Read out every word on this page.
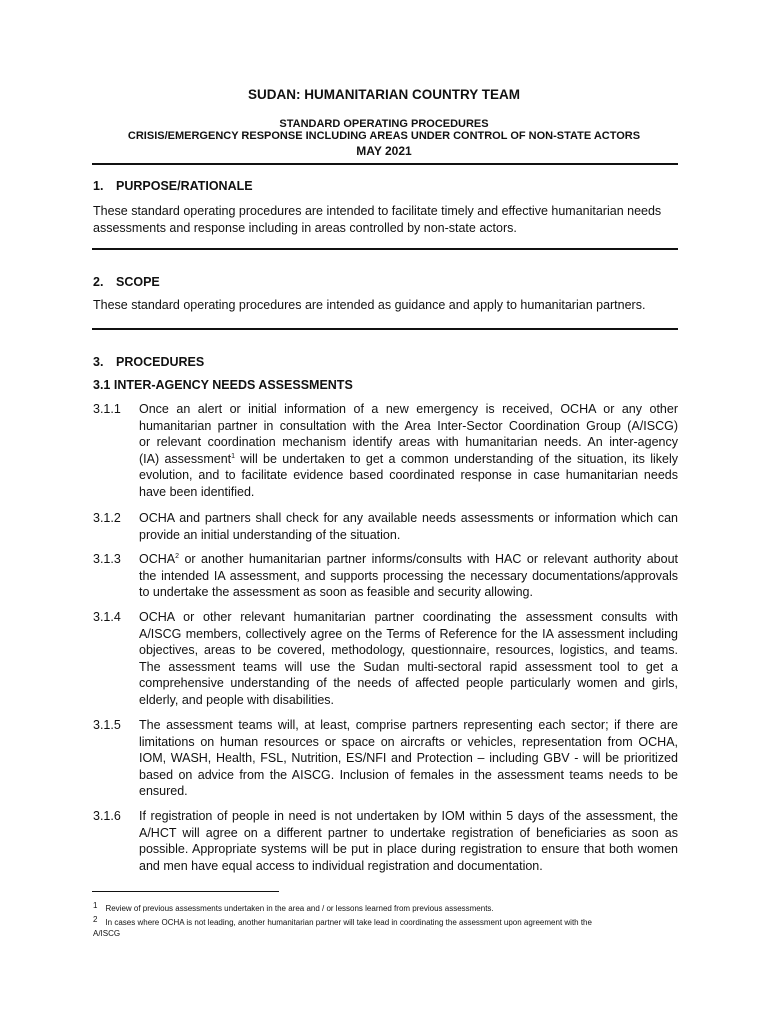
SUDAN: HUMANITARIAN COUNTRY TEAM
STANDARD OPERATING PROCEDURES
CRISIS/EMERGENCY RESPONSE INCLUDING AREAS UNDER CONTROL OF NON-STATE ACTORS
MAY 2021
1. PURPOSE/RATIONALE
These standard operating procedures are intended to facilitate timely and effective humanitarian needs
assessments and response including in areas controlled by non-state actors.
2. SCOPE
These standard operating procedures are intended as guidance and apply to humanitarian partners.
3. PROCEDURES
3.1 INTER-AGENCY NEEDS ASSESSMENTS
3.1.1 Once an alert or initial information of a new emergency is received, OCHA or any other
humanitarian partner in consultation with the Area Inter-Sector Coordination Group (A/ISCG)
or relevant coordination mechanism identify areas with humanitarian needs. An inter-agency
(IA) assessment$^1$ will be undertaken to get a common understanding of the situation, its likely
evolution, and to facilitate evidence based coordinated response in case humanitarian needs
have been identified.
3.1.2 OCHA and partners shall check for any available needs assessments or information which can
provide an initial understanding of the situation.
3.1.3 OCHA$^2$ or another humanitarian partner informs/consults with HAC or relevant authority about
the intended IA assessment, and supports processing the necessary documentations/approvals
to undertake the assessment as soon as feasible and security allowing.
3.1.4 OCHA or other relevant humanitarian partner coordinating the assessment consults with
A/ISCG members, collectively agree on the Terms of Reference for the IA assessment including
objectives, areas to be covered, methodology, questionnaire, resources, logistics, and teams.
The assessment teams will use the Sudan multi-sectoral rapid assessment tool to get a
comprehensive understanding of the needs of affected people particularly women and girls,
elderly, and people with disabilities.
3.1.5 The assessment teams will, at least, comprise partners representing each sector; if there are
limitations on human resources or space on aircrafts or vehicles, representation from OCHA,
IOM, WASH, Health, FSL, Nutrition, ES/NFI and Protection – including GBV - will be prioritized
based on advice from the AISCG. Inclusion of females in the assessment teams needs to be
ensured.
3.1.6 If registration of people in need is not undertaken by IOM within 5 days of the assessment, the
A/HCT will agree on a different partner to undertake registration of beneficiaries as soon as
possible. Appropriate systems will be put in place during registration to ensure that both women
and men have equal access to individual registration and documentation.
1 Review of previous assessments undertaken in the area and / or lessons learned from previous assessments.
2 In cases where OCHA is not leading, another humanitarian partner will take lead in coordinating the assessment upon agreement with the
A/ISCG
